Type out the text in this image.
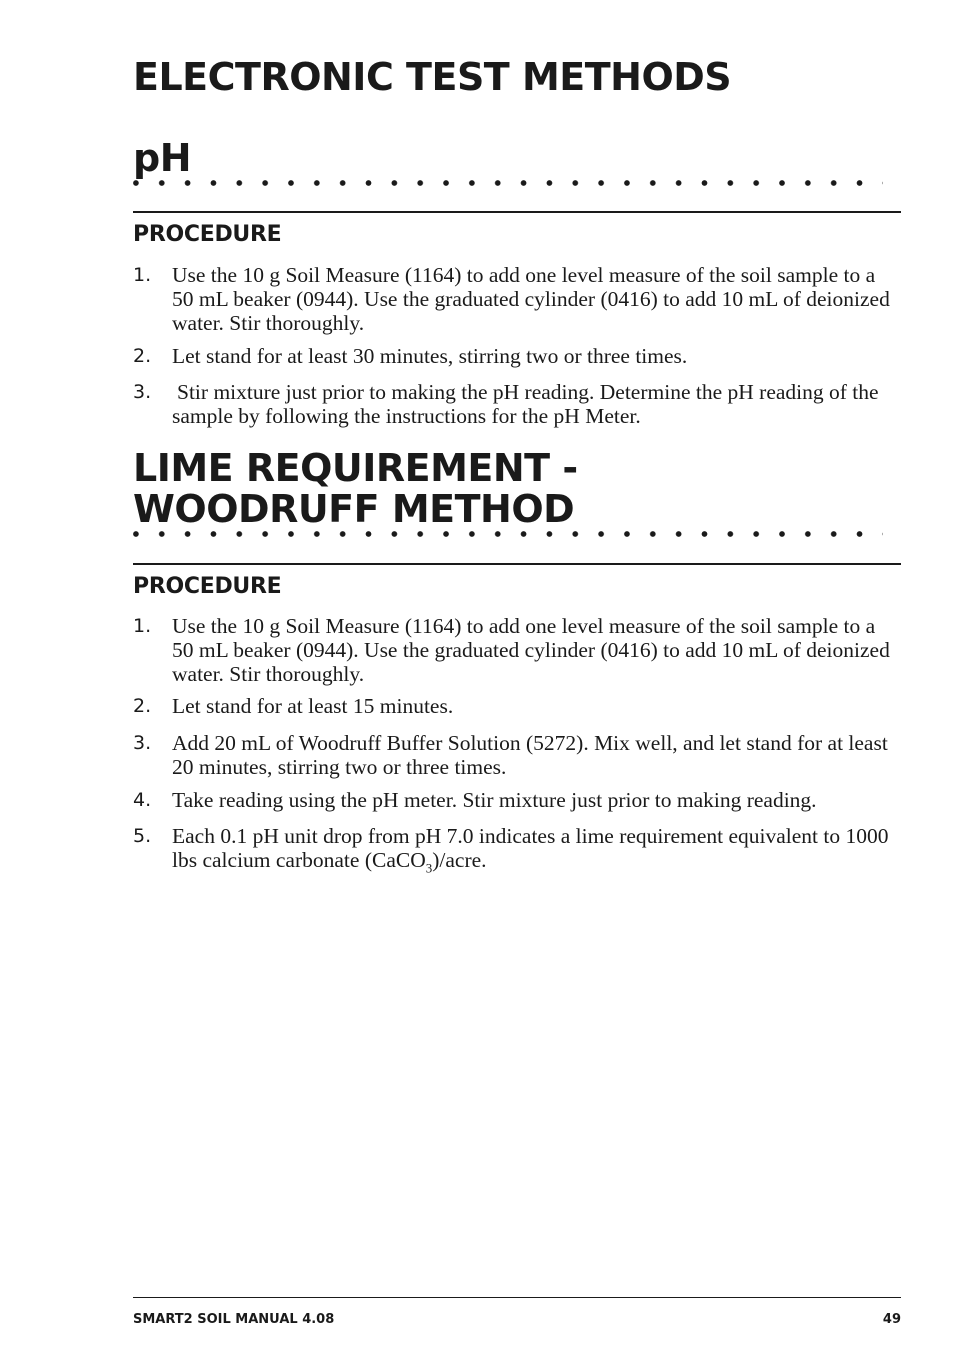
ELECTRONIC TEST METHODS
pH
PROCEDURE
1. Use the 10 g Soil Measure (1164) to add one level measure of the soil sample to a 50 mL beaker (0944). Use the graduated cylinder (0416) to add 10 mL of deionized water. Stir thoroughly.
2. Let stand for at least 30 minutes, stirring two or three times.
3. Stir mixture just prior to making the pH reading. Determine the pH reading of the sample by following the instructions for the pH Meter.
LIME REQUIREMENT -
WOODRUFF METHOD
PROCEDURE
1. Use the 10 g Soil Measure (1164) to add one level measure of the soil sample to a 50 mL beaker (0944). Use the graduated cylinder (0416) to add 10 mL of deionized water. Stir thoroughly.
2. Let stand for at least 15 minutes.
3. Add 20 mL of Woodruff Buffer Solution (5272). Mix well, and let stand for at least 20 minutes, stirring two or three times.
4. Take reading using the pH meter. Stir mixture just prior to making reading.
5. Each 0.1 pH unit drop from pH 7.0 indicates a lime requirement equivalent to 1000 lbs calcium carbonate (CaCO$_3$)/acre.

SMART2 SOIL MANUAL 4.08	49
